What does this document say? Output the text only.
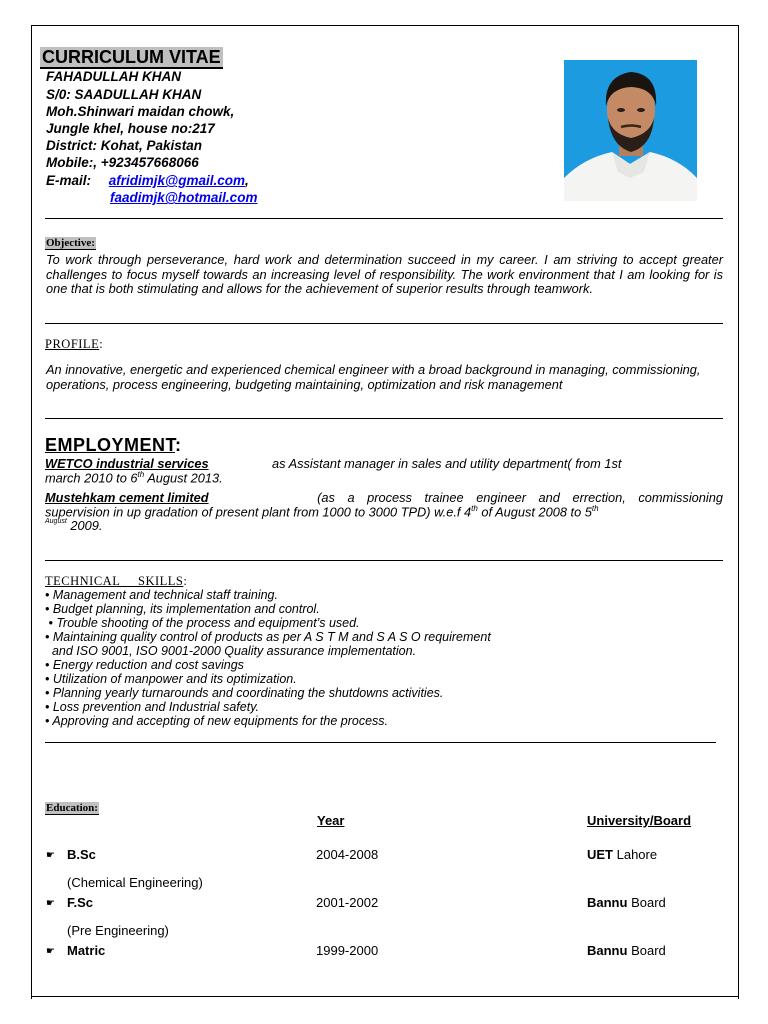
CURRICULUM VITAE
FAHADULLAH KHAN
S/0: SAADULLAH KHAN
Moh.Shinwari maidan chowk,
Jungle khel, house no:217
District: Kohat, Pakistan
Mobile:, +923457668066
E-mail: afridimjk@gmail.com,
faadimjk@hotmail.com
Objective:
To work through perseverance, hard work and determination succeed in my career. I am striving to accept greater challenges to focus myself towards an increasing level of responsibility. The work environment that I am looking for is one that is both stimulating and allows for the achievement of superior results through teamwork.
PROFILE:
An innovative, energetic and experienced chemical engineer with a broad background in managing, commissioning, operations, process engineering, budgeting maintaining, optimization and risk management
EMPLOYMENT:
WETCO industrial services	as Assistant manager in sales and utility department( from 1st
march 2010 to 6th August 2013.
Mustehkam cement limited	(as a process trainee engineer and errection, commissioning
supervision in up gradation of present plant from 1000 to 3000 TPD) w.e.f 4th of August 2008 to 5th
$^{August}$ 2009.
TECHNICAL     SKILLS:
• Management and technical staff training.
• Budget planning, its implementation and control.
• Trouble shooting of the process and equipment’s used.
• Maintaining quality control of products as per A S T M and S A S O requirement
and ISO 9001, ISO 9001-2000 Quality assurance implementation.
• Energy reduction and cost savings
• Utilization of manpower and its optimization.
• Planning yearly turnarounds and coordinating the shutdowns activities.
• Loss prevention and Industrial safety.
• Approving and accepting of new equipments for the process.
Education:
Year	University/Board
☛ B.Sc	2004-2008	UET Lahore
(Chemical Engineering)
☛ F.Sc	2001-2002	Bannu Board
(Pre Engineering)
☛ Matric	1999-2000	Bannu Board
